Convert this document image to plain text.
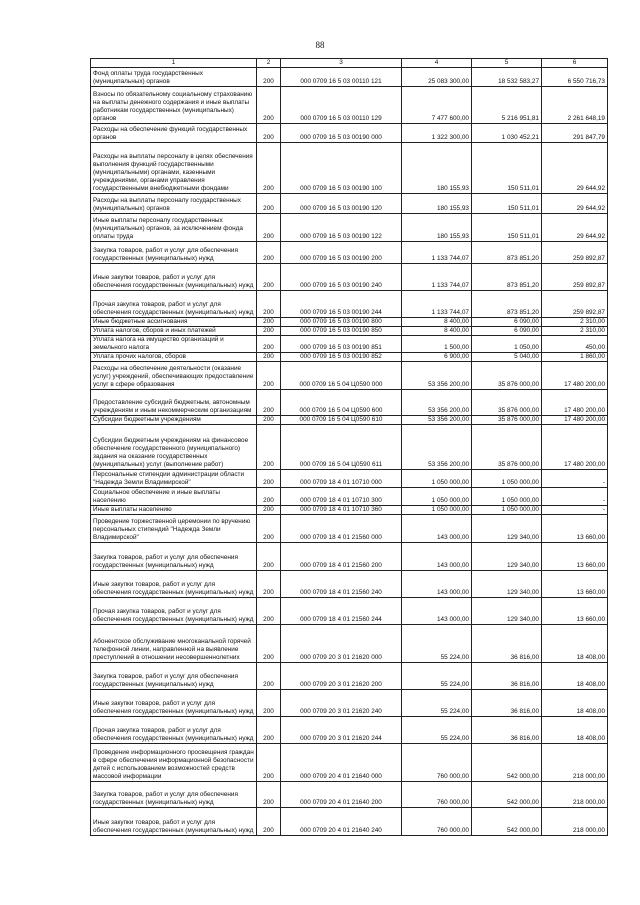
88
1	2	3	4	5	6
Фонд оплаты труда государственных (муниципальных) органов	200	000 0709 16 5 03 00110 121	25 083 300,00	18 532 583,27	6 550 716,73
Взносы по обязательному социальному страхованию на выплаты денежного содержания и иные выплаты работникам государственных (муниципальных) органов	200	000 0709 16 5 03 00110 129	7 477 600,00	5 216 951,81	2 261 648,19
Расходы на обеспечение функций государственных органов	200	000 0709 16 5 03 00190 000	1 322 300,00	1 030 452,21	291 847,79
Расходы на выплаты персоналу в целях обеспечения выполнения функций государственными (муниципальными) органами, казенными учреждениями, органами управления государственными внебюджетными фондами	200	000 0709 16 5 03 00190 100	180 155,93	150 511,01	29 644,92
Расходы на выплаты персоналу государственных (муниципальных) органов	200	000 0709 16 5 03 00190 120	180 155,93	150 511,01	29 644,92
Иные выплаты персоналу государственных (муниципальных) органов, за исключением фонда оплаты труда	200	000 0709 16 5 03 00190 122	180 155,93	150 511,01	29 644,92
Закупка товаров, работ и услуг для обеспечения государственных (муниципальных) нужд	200	000 0709 16 5 03 00190 200	1 133 744,07	873 851,20	259 892,87
Иные закупки товаров, работ и услуг для обеспечения государственных (муниципальных) нужд	200	000 0709 16 5 03 00190 240	1 133 744,07	873 851,20	259 892,87
Прочая закупка товаров, работ и услуг для обеспечения государственных (муниципальных) нужд	200	000 0709 16 5 03 00190 244	1 133 744,07	873 851,20	259 892,87
Иные бюджетные ассигнования	200	000 0709 16 5 03 00190 800	8 400,00	6 090,00	2 310,00
Уплата налогов, сборов и иных платежей	200	000 0709 16 5 03 00190 850	8 400,00	6 090,00	2 310,00
Уплата налога на имущество организаций и земельного налога	200	000 0709 16 5 03 00190 851	1 500,00	1 050,00	450,00
Уплата прочих налогов, сборов	200	000 0709 16 5 03 00190 852	6 900,00	5 040,00	1 860,00
Расходы на обеспечение деятельности (оказание услуг) учреждений, обеспечивающих предоставление услуг в сфере образования	200	000 0709 16 5 04 Ц0590 000	53 356 200,00	35 876 000,00	17 480 200,00
Предоставление субсидий бюджетным, автономным учреждениям и иным некоммерческим организациям	200	000 0709 16 5 04 Ц0590 600	53 356 200,00	35 876 000,00	17 480 200,00
Субсидии бюджетным учреждениям	200	000 0709 16 5 04 Ц0590 610	53 356 200,00	35 876 000,00	17 480 200,00
Субсидии бюджетным учреждениям на финансовое обеспечение государственного (муниципального) задания на оказание государственных (муниципальных) услуг (выполнение работ)	200	000 0709 16 5 04 Ц0590 611	53 356 200,00	35 876 000,00	17 480 200,00
Персональные стипендии администрации области "Надежда Земли Владимирской"	200	000 0709 18 4 01 10710 000	1 050 000,00	1 050 000,00	-
Социальное обеспечение и иные выплаты населению	200	000 0709 18 4 01 10710 300	1 050 000,00	1 050 000,00	-
Иные выплаты населению	200	000 0709 18 4 01 10710 360	1 050 000,00	1 050 000,00	-
Проведение торжественной церемонии по вручению персональных стипендий "Надежда Земли Владимирской"	200	000 0709 18 4 01 21560 000	143 000,00	129 340,00	13 660,00
Закупка товаров, работ и услуг для обеспечения государственных (муниципальных) нужд	200	000 0709 18 4 01 21560 200	143 000,00	129 340,00	13 660,00
Иные закупки товаров, работ и услуг для обеспечения государственных (муниципальных) нужд	200	000 0709 18 4 01 21560 240	143 000,00	129 340,00	13 660,00
Прочая закупка товаров, работ и услуг для обеспечения государственных (муниципальных) нужд	200	000 0709 18 4 01 21560 244	143 000,00	129 340,00	13 660,00
Абонентское обслуживание многоканальной горячей телефонной линии, направленной на выявление преступлений в отношении несовершеннолетних	200	000 0709 20 3 01 21620 000	55 224,00	36 816,00	18 408,00
Закупка товаров, работ и услуг для обеспечения государственных (муниципальных) нужд	200	000 0709 20 3 01 21620 200	55 224,00	36 816,00	18 408,00
Иные закупки товаров, работ и услуг для обеспечения государственных (муниципальных) нужд	200	000 0709 20 3 01 21620 240	55 224,00	36 816,00	18 408,00
Прочая закупка товаров, работ и услуг для обеспечения государственных (муниципальных) нужд	200	000 0709 20 3 01 21620 244	55 224,00	36 816,00	18 408,00
Проведение информационного просвещения граждан в сфере обеспечения информационной безопасности детей с использованием возможностей средств массовой информации	200	000 0709 20 4 01 21640 000	760 000,00	542 000,00	218 000,00
Закупка товаров, работ и услуг для обеспечения государственных (муниципальных) нужд	200	000 0709 20 4 01 21640 200	760 000,00	542 000,00	218 000,00
Иные закупки товаров, работ и услуг для обеспечения государственных (муниципальных) нужд	200	000 0709 20 4 01 21640 240	760 000,00	542 000,00	218 000,00
